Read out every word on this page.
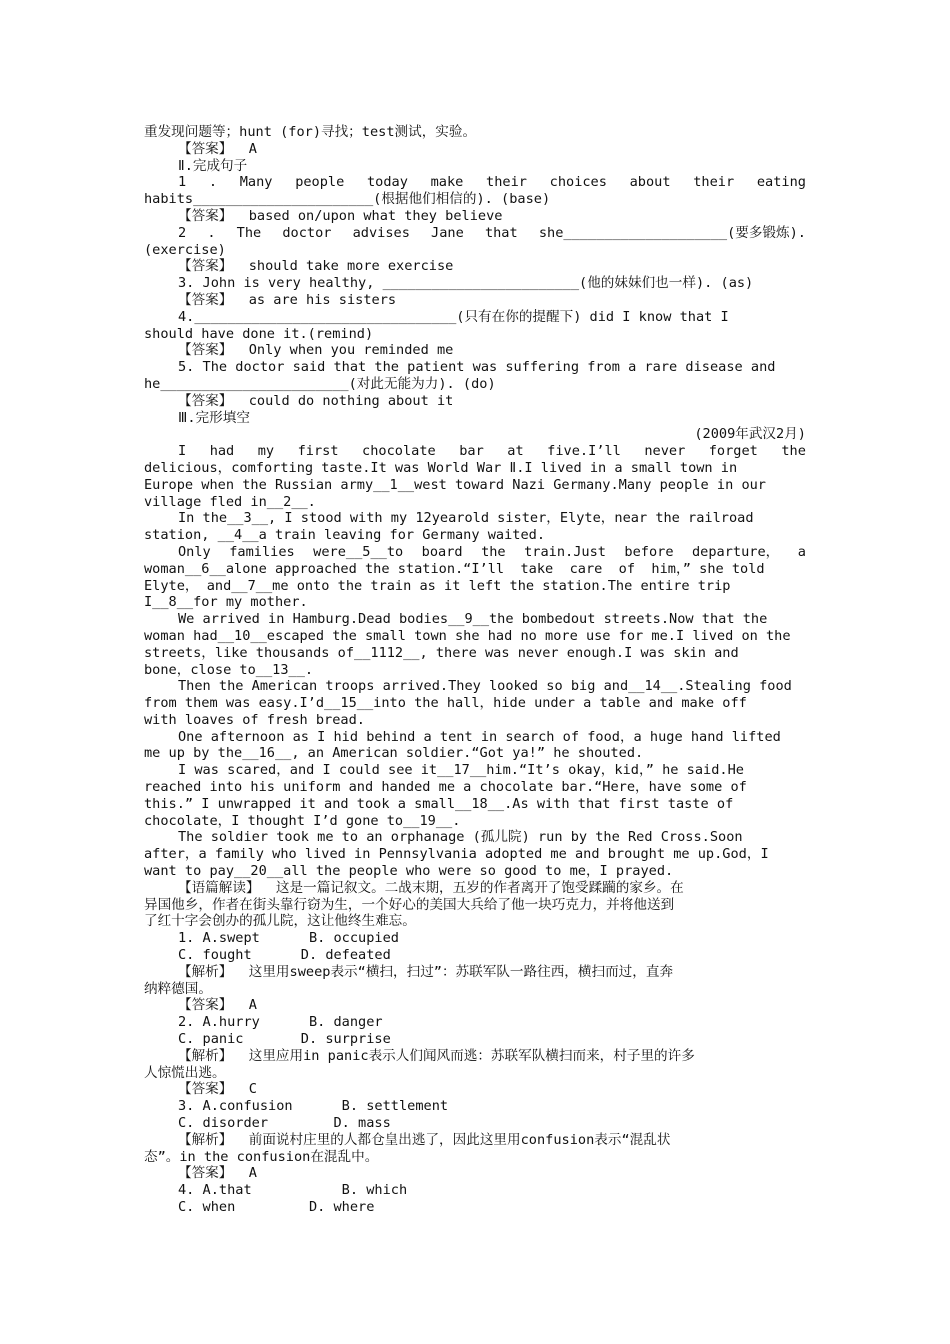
重发现问题等；hunt (for)寻找；test测试，实验。
【答案】  A
Ⅱ.完成句子
1 . Many people today make their choices about their eating
habits______________________(根据他们相信的). (base)
【答案】  based on/upon what they believe
2 . The doctor advises Jane that she____________________(要多锻炼).
(exercise)
【答案】  should take more exercise
3. John is very healthy, ________________________(他的妹妹们也一样). (as)
【答案】  as are his sisters
4.________________________________(只有在你的提醒下) did I know that I
should have done it.(remind)
【答案】  Only when you reminded me
5. The doctor said that the patient was suffering from a rare disease and
he_______________________(对此无能为力). (do)
【答案】  could do nothing about it
Ⅲ.完形填空
(2009年武汉2月)
I had my first chocolate bar at five.I’ll never forget the
delicious，comforting taste.It was World War Ⅱ.I lived in a small town in
Europe when the Russian army__1__west toward Nazi Germany.Many people in our
village fled in__2__.
In the__3__, I stood with my 12yearold sister，Elyte，near the railroad
station, __4__a train leaving for Germany waited.
Only families were__5__to board the train.Just before departure， a
woman__6__alone approached the station.“I’ll  take  care  of  him，” she told
Elyte， and__7__me onto the train as it left the station.The entire trip
I__8__for my mother.
We arrived in Hamburg.Dead bodies__9__the bombedout streets.Now that the
woman had__10__escaped the small town she had no more use for me.I lived on the
streets，like thousands of__1112__, there was never enough.I was skin and
bone，close to__13__.
Then the American troops arrived.They looked so big and__14__.Stealing food
from them was easy.I’d__15__into the hall，hide under a table and make off
with loaves of fresh bread.
One afternoon as I hid behind a tent in search of food，a huge hand lifted
me up by the__16__, an American soldier.“Got ya!” he shouted.
I was scared，and I could see it__17__him.“It’s okay，kid，” he said.He
reached into his uniform and handed me a chocolate bar.“Here，have some of
this.” I unwrapped it and took a small__18__.As with that first taste of
chocolate，I thought I’d gone to__19__.
The soldier took me to an orphanage (孤儿院) run by the Red Cross.Soon
after，a family who lived in Pennsylvania adopted me and brought me up.God，I
want to pay__20__all the people who were so good to me，I prayed.
【语篇解读】  这是一篇记叙文。二战末期，五岁的作者离开了饱受蹂躏的家乡。在
异国他乡，作者在街头靠行窃为生，一个好心的美国大兵给了他一块巧克力，并将他送到
了红十字会创办的孤儿院，这让他终生难忘。
1. A.swept      B. occupied
C. fought      D. defeated
【解析】  这里用sweep表示“横扫，扫过”：苏联军队一路往西，横扫而过，直奔
纳粹德国。
【答案】  A
2. A.hurry      B. danger
C. panic       D. surprise
【解析】  这里应用in panic表示人们闻风而逃：苏联军队横扫而来，村子里的许多
人惊慌出逃。
【答案】  C
3. A.confusion      B. settlement
C. disorder        D. mass
【解析】  前面说村庄里的人都仓皇出逃了，因此这里用confusion表示“混乱状
态”。in the confusion在混乱中。
【答案】  A
4. A.that           B. which
C. when         D. where
